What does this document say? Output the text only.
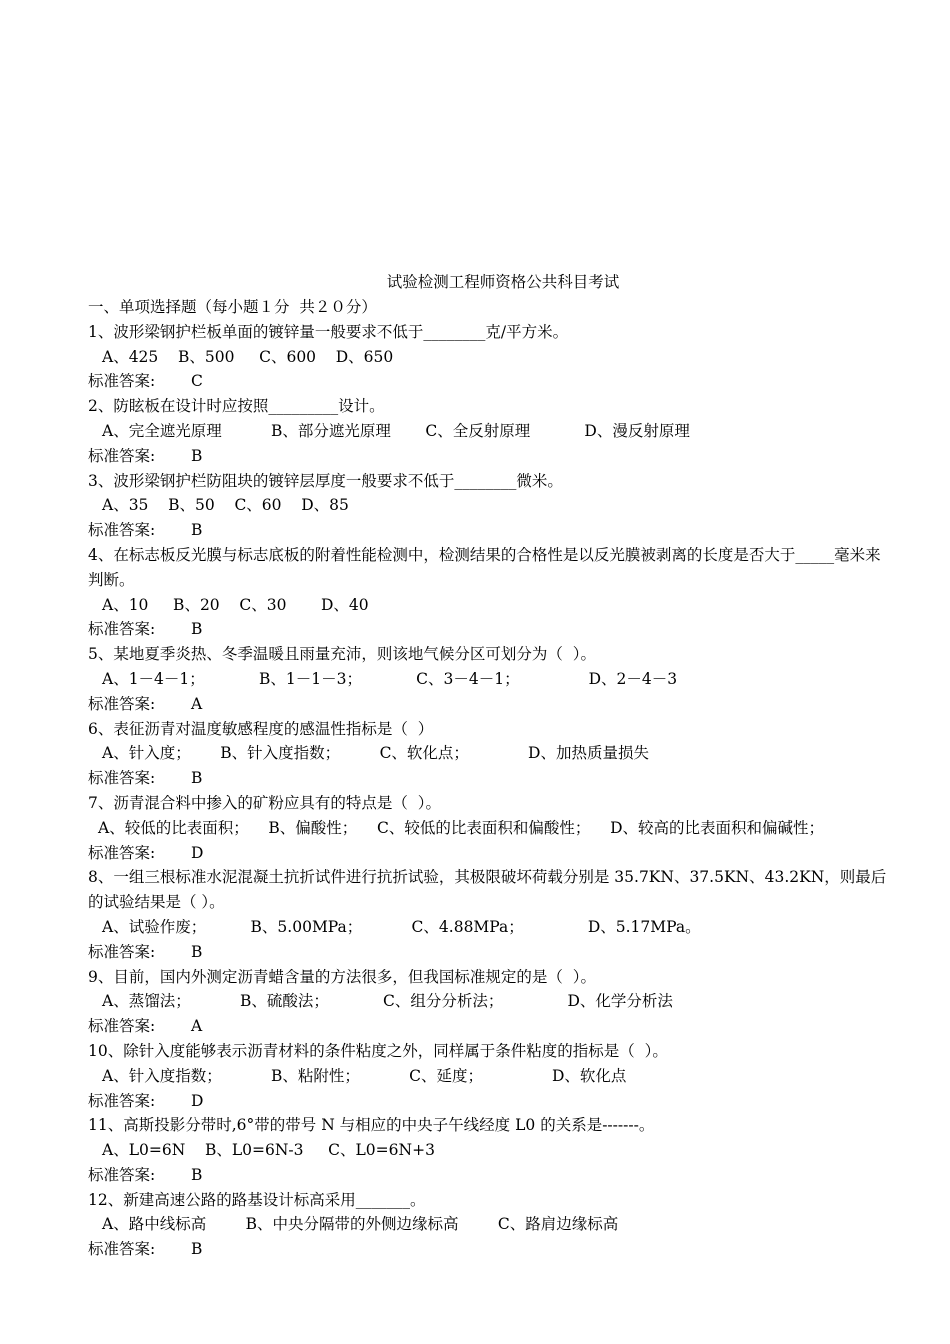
试验检测工程师资格公共科目考试
一、单项选择题（每小题１分  共２０分）
1、波形梁钢护栏板单面的镀锌量一般要求不低于________克/平方米。
A、425    B、500     C、600    D、650
标准答案: C
2、防眩板在设计时应按照_________设计。
A、完全遮光原理          B、部分遮光原理       C、全反射原理           D、漫反射原理
标准答案: B
3、波形梁钢护栏防阻块的镀锌层厚度一般要求不低于________微米。
A、35    B、50    C、60    D、85
标准答案: B
4、在标志板反光膜与标志底板的附着性能检测中，检测结果的合格性是以反光膜被剥离的长度是否大于_____毫米来判断。
A、10     B、20    C、30       D、40
标准答案: B
5、某地夏季炎热、冬季温暖且雨量充沛，则该地气候分区可划分为（  ）。
A、1－4－1；           B、1－1－3；           C、3－4－1；              D、2－4－3
标准答案: A
6、表征沥青对温度敏感程度的感温性指标是（  ）
A、针入度；      B、针入度指数；        C、软化点；            D、加热质量损失
标准答案: B
7、沥青混合料中掺入的矿粉应具有的特点是（  ）。
A、较低的比表面积；    B、偏酸性；    C、较低的比表面积和偏酸性；    D、较高的比表面积和偏碱性；
标准答案: D
8、一组三根标准水泥混凝土抗折试件进行抗折试验，其极限破坏荷载分别是 35.7KN、37.5KN、43.2KN，则最后的试验结果是（ ）。
A、试验作废；         B、5.00MPa；          C、4.88MPa；             D、5.17MPa。
标准答案: B
9、目前，国内外测定沥青蜡含量的方法很多，但我国标准规定的是（  ）。
A、蒸馏法；          B、硫酸法；           C、组分分析法；             D、化学分析法
标准答案: A
10、除针入度能够表示沥青材料的条件粘度之外，同样属于条件粘度的指标是（  ）。
A、针入度指数；          B、粘附性；          C、延度；              D、软化点
标准答案: D
11、高斯投影分带时,6°带的带号 N 与相应的中央子午线经度 L0 的关系是-------。
A、L0=6N    B、L0=6N-3     C、L0=6N+3
标准答案: B
12、新建高速公路的路基设计标高采用_______。
A、路中线标高        B、中央分隔带的外侧边缘标高        C、路肩边缘标高
标准答案: B
